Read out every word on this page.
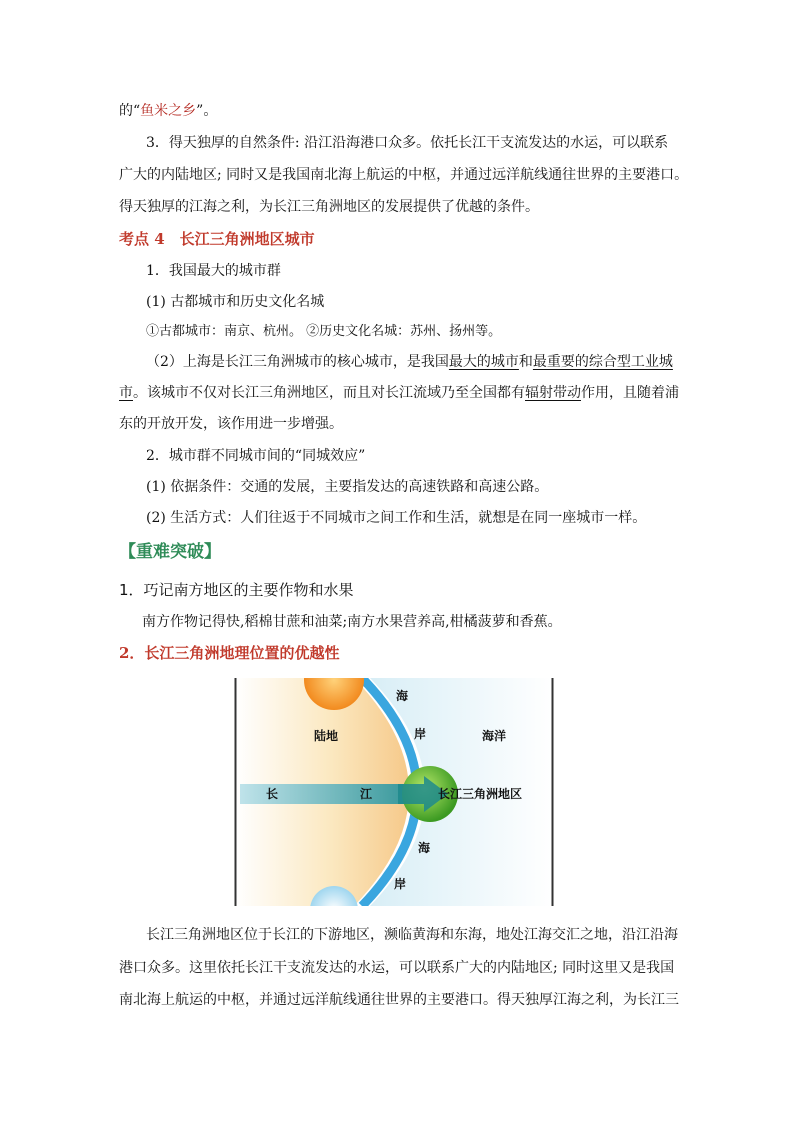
的“鱼米之乡”。
3．得天独厚的自然条件: 沿江沿海港口众多。依托长江干支流发达的水运，可以联系
广大的内陆地区; 同时又是我国南北海上航运的中枢，并通过远洋航线通往世界的主要港口。
得天独厚的江海之利，为长江三角洲地区的发展提供了优越的条件。
考点 4　长江三角洲地区城市
1．我国最大的城市群
(1) 古都城市和历史文化名城
①古都城市：南京、杭州。 ②历史文化名城：苏州、扬州等。
（2）上海是长江三角洲城市的核心城市，是我国最大的城市和最重要的综合型工业城
市。该城市不仅对长江三角洲地区，而且对长江流域乃至全国都有辐射带动作用，且随着浦
东的开放开发，该作用进一步增强。
2．城市群不同城市间的“同城效应”
(1) 依据条件：交通的发展，主要指发达的高速铁路和高速公路。
(2) 生活方式：人们往返于不同城市之间工作和生活，就想是在同一座城市一样。
【重难突破】
1．巧记南方地区的主要作物和水果
南方作物记得快,稻棉甘蔗和油菜;南方水果营养高,柑橘菠萝和香蕉。
2．长江三角洲地理位置的优越性
陆地	海洋
海
岸
海
岸
长	江	长江三角洲地区
长江三角洲地区位于长江的下游地区，濒临黄海和东海，地处江海交汇之地，沿江沿海
港口众多。这里依托长江干支流发达的水运，可以联系广大的内陆地区; 同时这里又是我国
南北海上航运的中枢，并通过远洋航线通往世界的主要港口。得天独厚江海之利，为长江三
